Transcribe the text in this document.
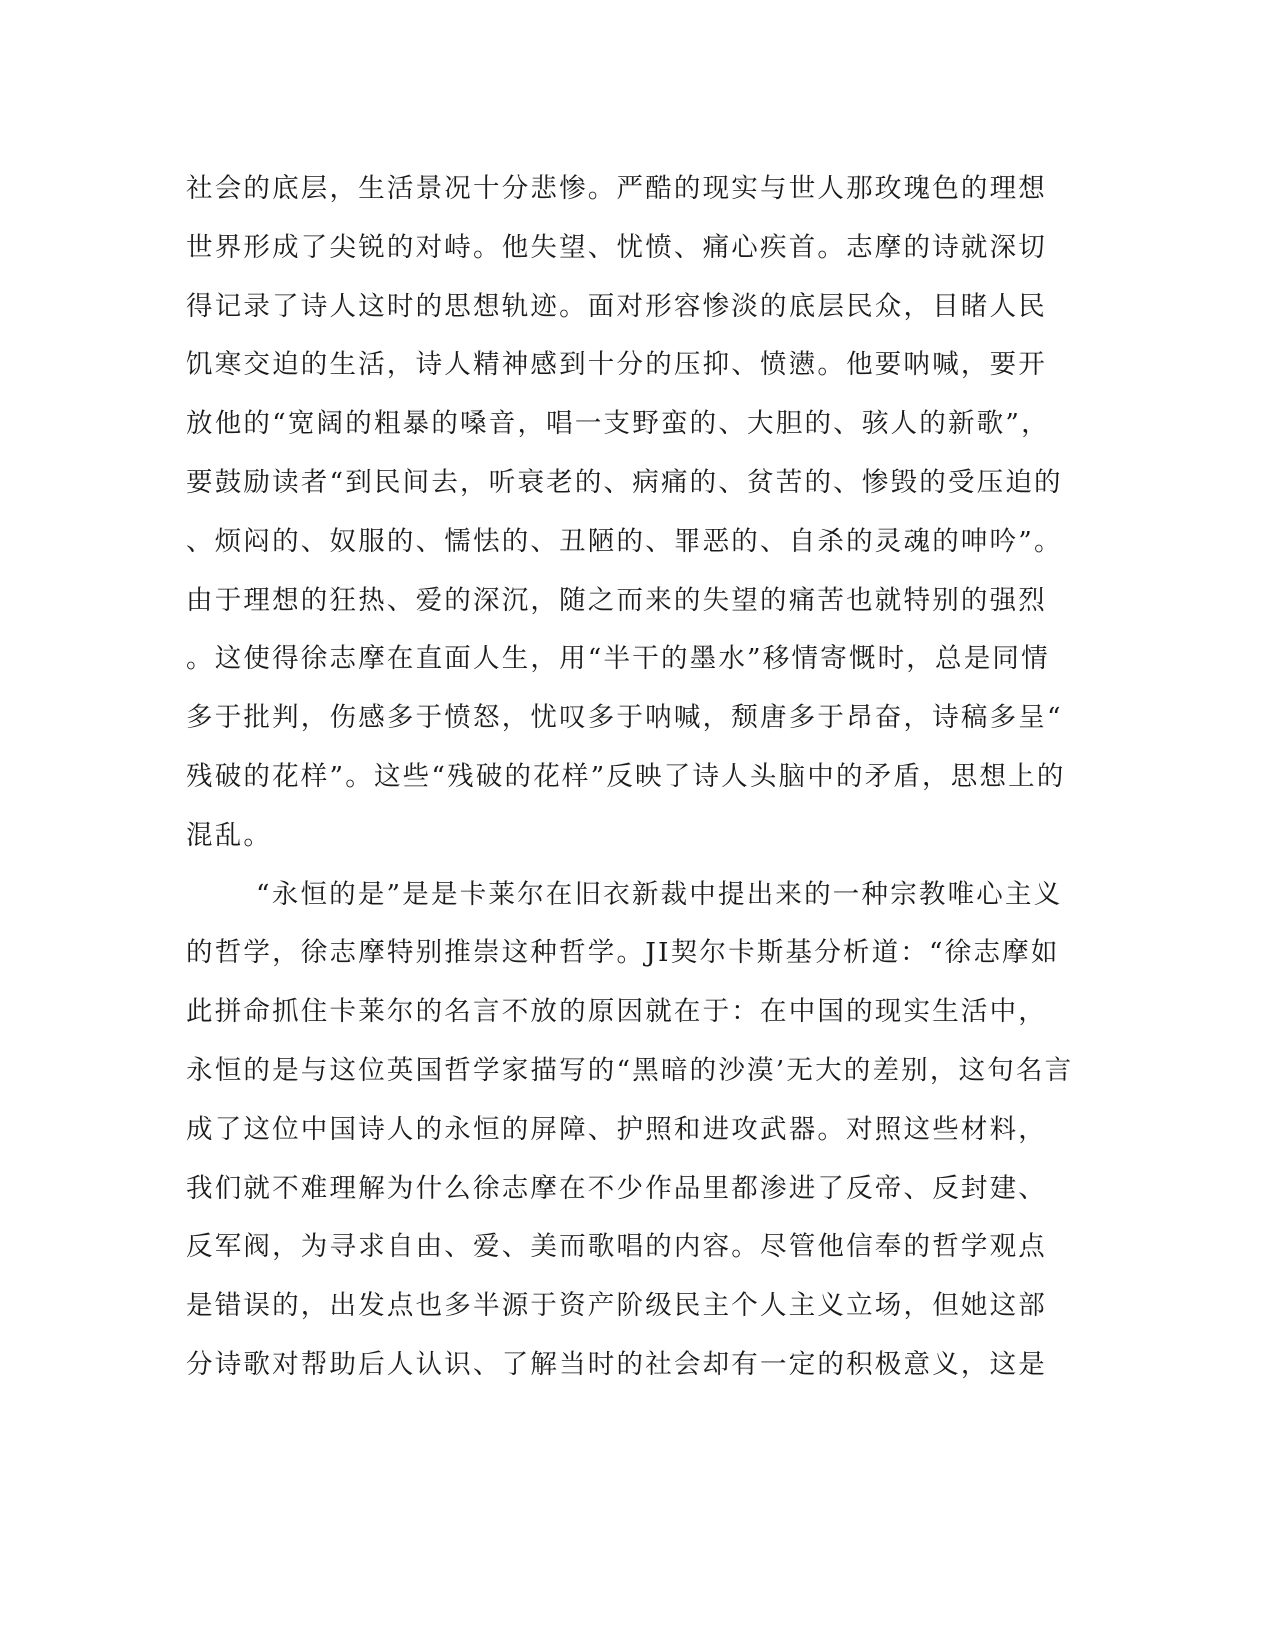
社会的底层，生活景况十分悲惨。严酷的现实与世人那玫瑰色的理想
世界形成了尖锐的对峙。他失望、忧愤、痛心疾首。志摩的诗就深切
得记录了诗人这时的思想轨迹。面对形容惨淡的底层民众，目睹人民
饥寒交迫的生活，诗人精神感到十分的压抑、愤懑。他要呐喊，要开
放他的“宽阔的粗暴的嗓音，唱一支野蛮的、大胆的、骇人的新歌”，
要鼓励读者“到民间去，听衰老的、病痛的、贫苦的、惨毁的受压迫的
、烦闷的、奴服的、懦怯的、丑陋的、罪恶的、自杀的灵魂的呻吟”。
由于理想的狂热、爱的深沉，随之而来的失望的痛苦也就特别的强烈
。这使得徐志摩在直面人生，用“半干的墨水”移情寄慨时，总是同情
多于批判，伤感多于愤怒，忧叹多于呐喊，颓唐多于昂奋，诗稿多呈“
残破的花样”。这些“残破的花样”反映了诗人头脑中的矛盾，思想上的
混乱。
“永恒的是”是是卡莱尔在旧衣新裁中提出来的一种宗教唯心主义
的哲学，徐志摩特别推崇这种哲学。JI契尔卡斯基分析道：“徐志摩如
此拼命抓住卡莱尔的名言不放的原因就在于：在中国的现实生活中，
永恒的是与这位英国哲学家描写的“黑暗的沙漠’无大的差别，这句名言
成了这位中国诗人的永恒的屏障、护照和进攻武器。对照这些材料，
我们就不难理解为什么徐志摩在不少作品里都渗进了反帝、反封建、
反军阀，为寻求自由、爱、美而歌唱的内容。尽管他信奉的哲学观点
是错误的，出发点也多半源于资产阶级民主个人主义立场，但她这部
分诗歌对帮助后人认识、了解当时的社会却有一定的积极意义，这是
